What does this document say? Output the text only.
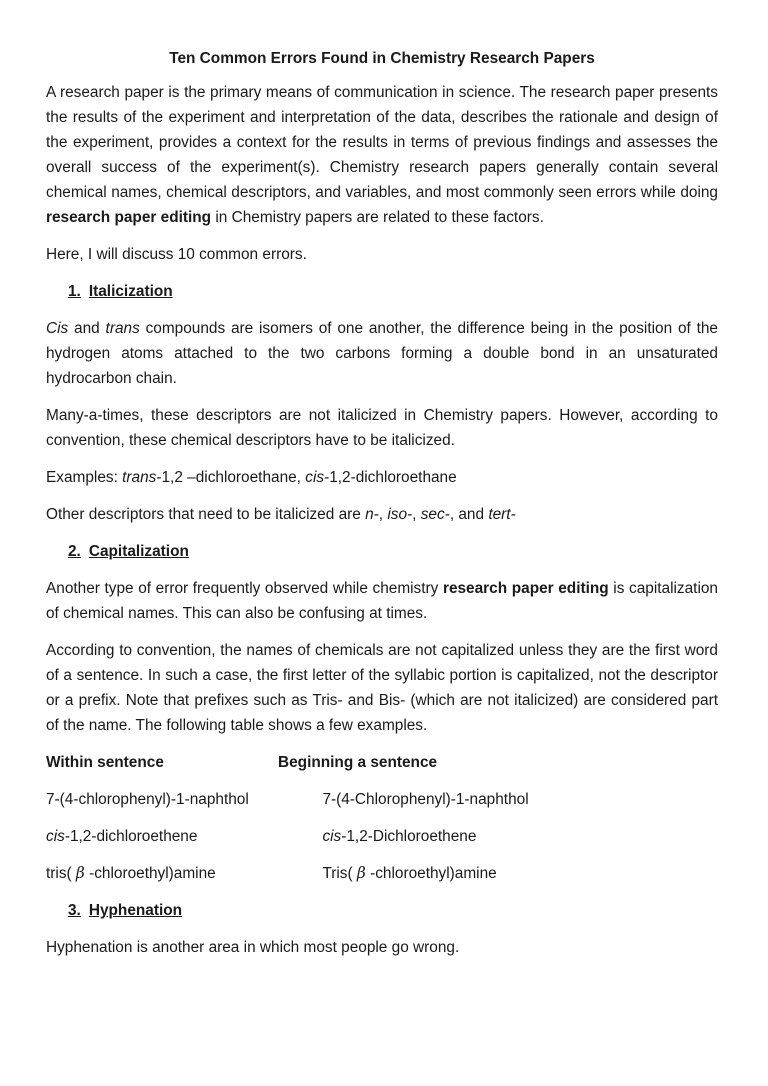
Ten Common Errors Found in Chemistry Research Papers

A research paper is the primary means of communication in science. The research paper presents the results of the experiment and interpretation of the data, describes the rationale and design of the experiment, provides a context for the results in terms of previous findings and assesses the overall success of the experiment(s). Chemistry research papers generally contain several chemical names, chemical descriptors, and variables, and most commonly seen errors while doing research paper editing in Chemistry papers are related to these factors.

Here, I will discuss 10 common errors.

1. Italicization

Cis and trans compounds are isomers of one another, the difference being in the position of the hydrogen atoms attached to the two carbons forming a double bond in an unsaturated hydrocarbon chain.

Many-a-times, these descriptors are not italicized in Chemistry papers. However, according to convention, these chemical descriptors have to be italicized.

Examples: trans-1,2 –dichloroethane, cis-1,2-dichloroethane

Other descriptors that need to be italicized are n-, iso-, sec-, and tert-

2. Capitalization

Another type of error frequently observed while chemistry research paper editing is capitalization of chemical names. This can also be confusing at times.

According to convention, the names of chemicals are not capitalized unless they are the first word of a sentence. In such a case, the first letter of the syllabic portion is capitalized, not the descriptor or a prefix. Note that prefixes such as Tris- and Bis- (which are not italicized) are considered part of the name. The following table shows a few examples.

Within sentence	Beginning a sentence
7-(4-chlorophenyl)-1-naphthol	7-(4-Chlorophenyl)-1-naphthol
cis-1,2-dichloroethene	cis-1,2-Dichloroethene
tris( β -chloroethyl)amine	Tris( β -chloroethyl)amine
3. Hyphenation

Hyphenation is another area in which most people go wrong.
